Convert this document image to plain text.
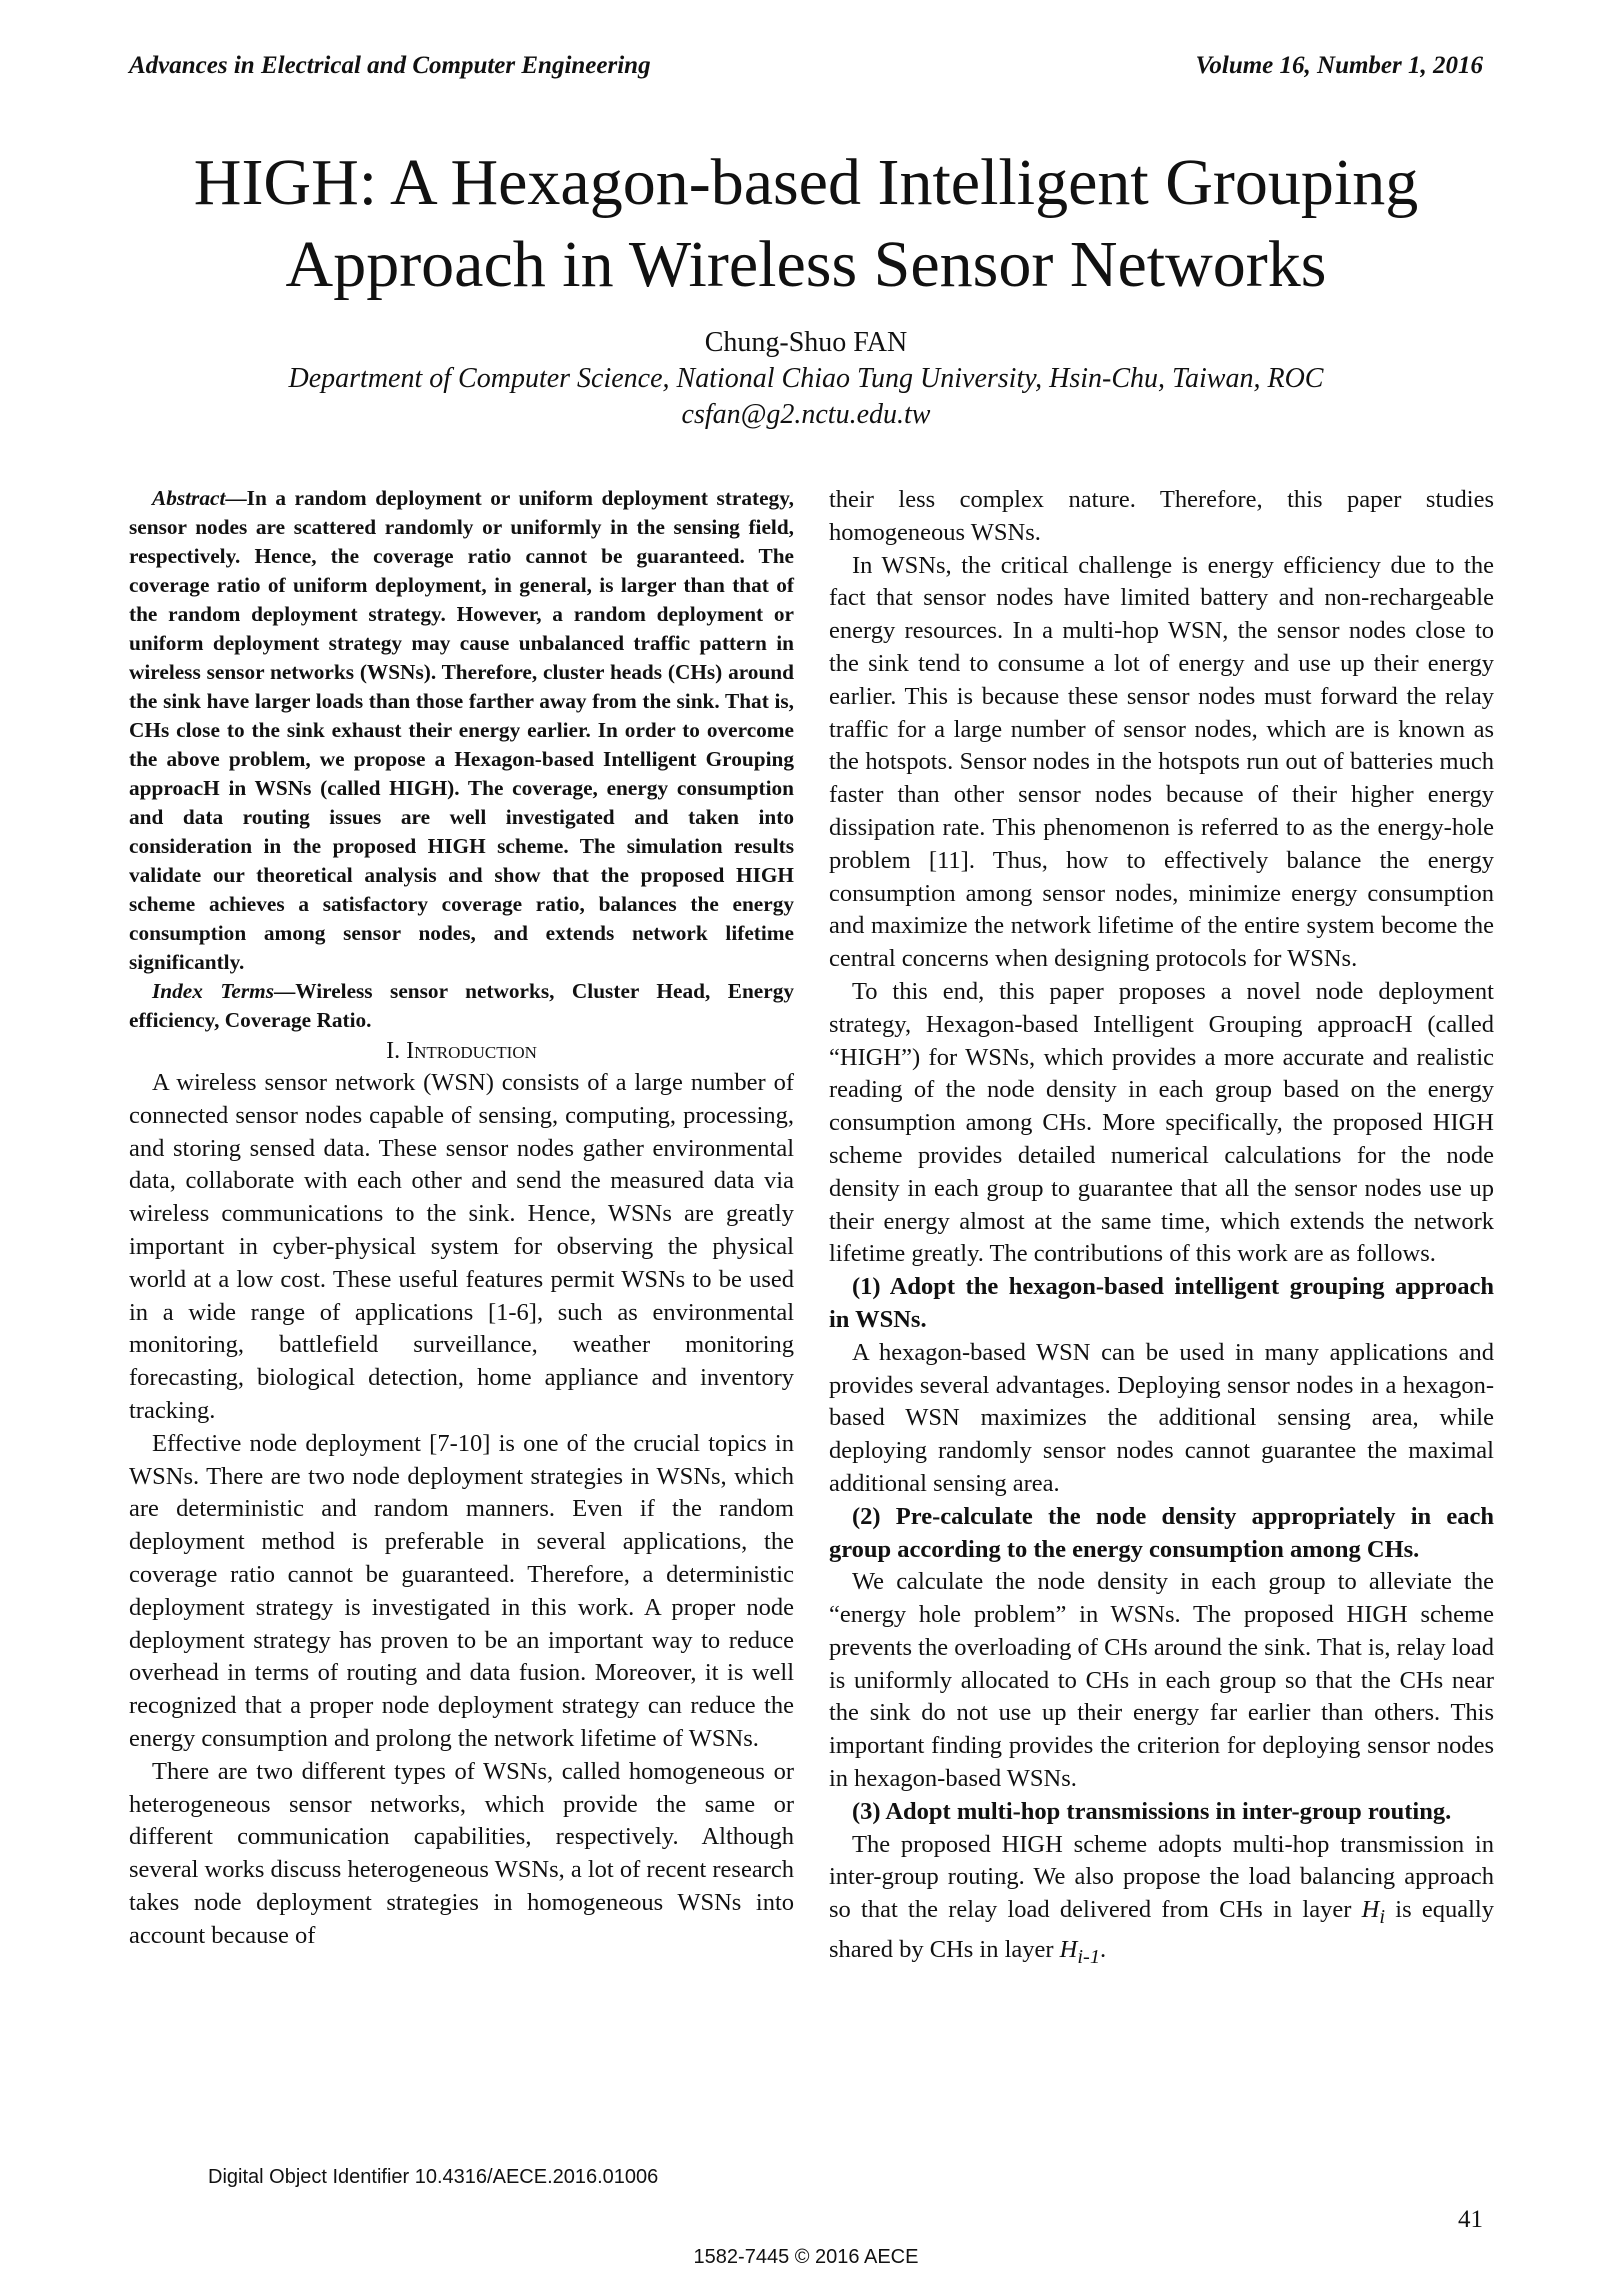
Advances in Electrical and Computer Engineering	Volume 16, Number 1, 2016
HIGH: A Hexagon-based Intelligent Grouping
Approach in Wireless Sensor Networks
Chung-Shuo FAN
Department of Computer Science, National Chiao Tung University, Hsin-Chu, Taiwan, ROC
csfan@g2.nctu.edu.tw

Abstract—In a random deployment or uniform deployment strategy, sensor nodes are scattered randomly or uniformly in the sensing field, respectively. Hence, the coverage ratio cannot be guaranteed. The coverage ratio of uniform deployment, in general, is larger than that of the random deployment strategy. However, a random deployment or uniform deployment strategy may cause unbalanced traffic pattern in wireless sensor networks (WSNs). Therefore, cluster heads (CHs) around the sink have larger loads than those farther away from the sink. That is, CHs close to the sink exhaust their energy earlier. In order to overcome the above problem, we propose a Hexagon-based Intelligent Grouping approacH in WSNs (called HIGH). The coverage, energy consumption and data routing issues are well investigated and taken into consideration in the proposed HIGH scheme. The simulation results validate our theoretical analysis and show that the proposed HIGH scheme achieves a satisfactory coverage ratio, balances the energy consumption among sensor nodes, and extends network lifetime significantly.

Index Terms—Wireless sensor networks, Cluster Head, Energy efficiency, Coverage Ratio.

I. Introduction

A wireless sensor network (WSN) consists of a large number of connected sensor nodes capable of sensing, computing, processing, and storing sensed data. These sensor nodes gather environmental data, collaborate with each other and send the measured data via wireless communications to the sink. Hence, WSNs are greatly important in cyber-physical system for observing the physical world at a low cost. These useful features permit WSNs to be used in a wide range of applications [1-6], such as environmental monitoring, battlefield surveillance, weather monitoring forecasting, biological detection, home appliance and inventory tracking.

Effective node deployment [7-10] is one of the crucial topics in WSNs. There are two node deployment strategies in WSNs, which are deterministic and random manners. Even if the random deployment method is preferable in several applications, the coverage ratio cannot be guaranteed. Therefore, a deterministic deployment strategy is investigated in this work. A proper node deployment strategy has proven to be an important way to reduce overhead in terms of routing and data fusion. Moreover, it is well recognized that a proper node deployment strategy can reduce the energy consumption and prolong the network lifetime of WSNs.

There are two different types of WSNs, called homogeneous or heterogeneous sensor networks, which provide the same or different communication capabilities, respectively. Although several works discuss heterogeneous WSNs, a lot of recent research takes node deployment strategies in homogeneous WSNs into account because of

their less complex nature. Therefore, this paper studies homogeneous WSNs.

In WSNs, the critical challenge is energy efficiency due to the fact that sensor nodes have limited battery and non-rechargeable energy resources. In a multi-hop WSN, the sensor nodes close to the sink tend to consume a lot of energy and use up their energy earlier. This is because these sensor nodes must forward the relay traffic for a large number of sensor nodes, which are is known as the hotspots. Sensor nodes in the hotspots run out of batteries much faster than other sensor nodes because of their higher energy dissipation rate. This phenomenon is referred to as the energy-hole problem [11]. Thus, how to effectively balance the energy consumption among sensor nodes, minimize energy consumption and maximize the network lifetime of the entire system become the central concerns when designing protocols for WSNs.

To this end, this paper proposes a novel node deployment strategy, Hexagon-based Intelligent Grouping approacH (called “HIGH”) for WSNs, which provides a more accurate and realistic reading of the node density in each group based on the energy consumption among CHs. More specifically, the proposed HIGH scheme provides detailed numerical calculations for the node density in each group to guarantee that all the sensor nodes use up their energy almost at the same time, which extends the network lifetime greatly. The contributions of this work are as follows.

(1) Adopt the hexagon-based intelligent grouping approach in WSNs.

A hexagon-based WSN can be used in many applications and provides several advantages. Deploying sensor nodes in a hexagon-based WSN maximizes the additional sensing area, while deploying randomly sensor nodes cannot guarantee the maximal additional sensing area.

(2) Pre-calculate the node density appropriately in each group according to the energy consumption among CHs.

We calculate the node density in each group to alleviate the “energy hole problem” in WSNs. The proposed HIGH scheme prevents the overloading of CHs around the sink. That is, relay load is uniformly allocated to CHs in each group so that the CHs near the sink do not use up their energy far earlier than others. This important finding provides the criterion for deploying sensor nodes in hexagon-based WSNs.

(3) Adopt multi-hop transmissions in inter-group routing.

The proposed HIGH scheme adopts multi-hop transmission in inter-group routing. We also propose the load balancing approach so that the relay load delivered from CHs in layer $H_i$ is equally shared by CHs in layer $H_{i-1}$.

Digital Object Identifier 10.4316/AECE.2016.01006
41
1582-7445 © 2016 AECE
